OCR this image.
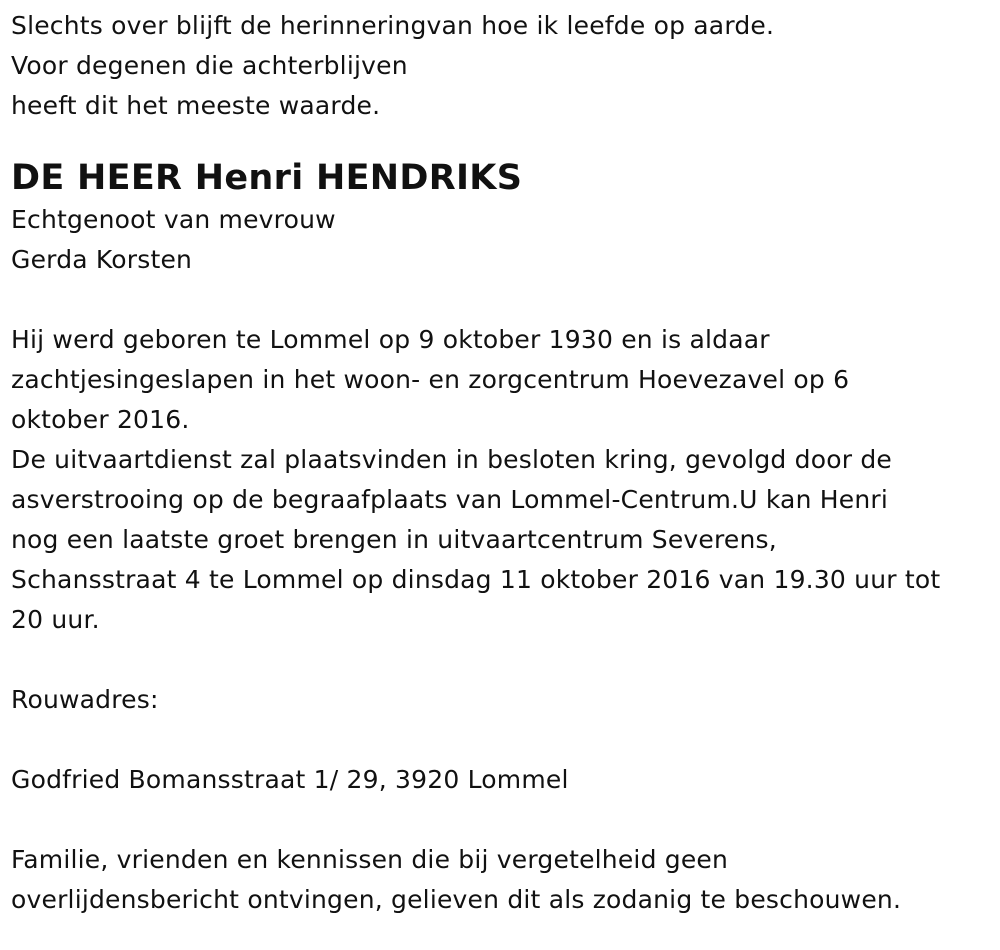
Slechts over blijft de herinneringvan hoe ik leefde op aarde.
Voor degenen die achterblijven
heeft dit het meeste waarde.
DE HEER Henri HENDRIKS
Echtgenoot van mevrouw
Gerda Korsten
Hij werd geboren te Lommel op 9 oktober 1930 en is aldaar
zachtjesingeslapen in het woon- en zorgcentrum Hoevezavel op 6
oktober 2016.
De uitvaartdienst zal plaatsvinden in besloten kring, gevolgd door de
asverstrooing op de begraafplaats van Lommel-Centrum.U kan Henri
nog een laatste groet brengen in uitvaartcentrum Severens,
Schansstraat 4 te Lommel op dinsdag 11 oktober 2016 van 19.30 uur tot
20 uur.
Rouwadres:
Godfried Bomansstraat 1/ 29, 3920 Lommel
Familie, vrienden en kennissen die bij vergetelheid geen
overlijdensbericht ontvingen, gelieven dit als zodanig te beschouwen.
